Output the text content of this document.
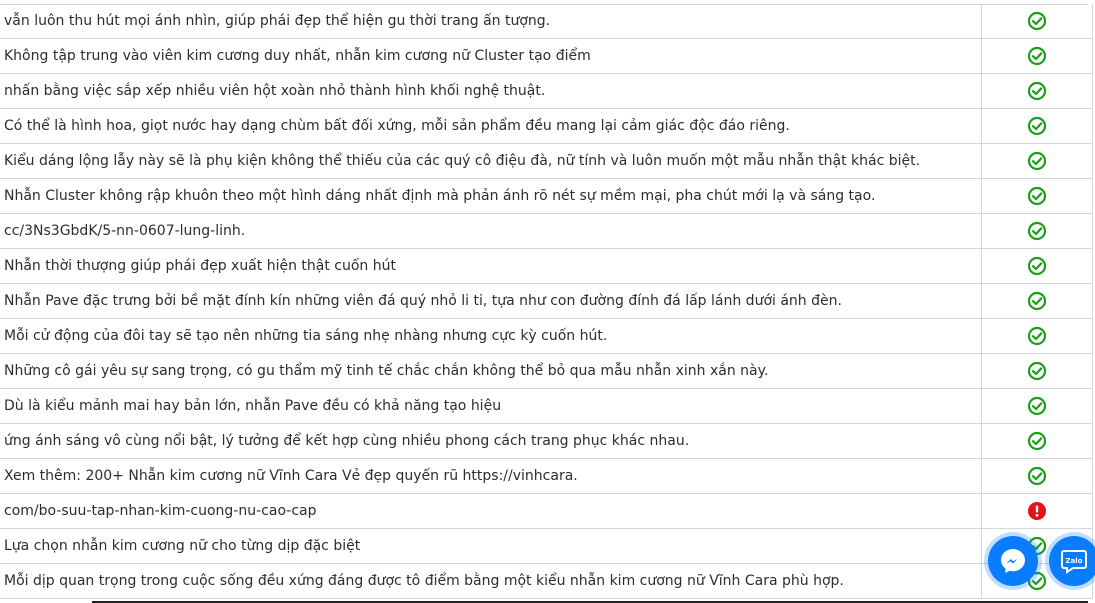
vẫn luôn thu hút mọi ánh nhìn, giúp phái đẹp thể hiện gu thời trang ấn tượng.	
Không tập trung vào viên kim cương duy nhất, nhẫn kim cương nữ Cluster tạo điểm	
nhấn bằng việc sắp xếp nhiều viên hột xoàn nhỏ thành hình khối nghệ thuật.	
Có thể là hình hoa, giọt nước hay dạng chùm bất đối xứng, mỗi sản phẩm đều mang lại cảm giác độc đáo riêng.	
Kiểu dáng lộng lẫy này sẽ là phụ kiện không thể thiếu của các quý cô điệu đà, nữ tính và luôn muốn một mẫu nhẫn thật khác biệt.	
Nhẫn Cluster không rập khuôn theo một hình dáng nhất định mà phản ánh rõ nét sự mềm mại, pha chút mới lạ và sáng tạo.	
cc/3Ns3GbdK/5-nn-0607-lung-linh.	
Nhẫn thời thượng giúp phái đẹp xuất hiện thật cuốn hút	
Nhẫn Pave đặc trưng bởi bề mặt đính kín những viên đá quý nhỏ li ti, tựa như con đường đính đá lấp lánh dưới ánh đèn.	
Mỗi cử động của đôi tay sẽ tạo nên những tia sáng nhẹ nhàng nhưng cực kỳ cuốn hút.	
Những cô gái yêu sự sang trọng, có gu thẩm mỹ tinh tế chắc chắn không thể bỏ qua mẫu nhẫn xinh xắn này.	
Dù là kiểu mảnh mai hay bản lớn, nhẫn Pave đều có khả năng tạo hiệu	
ứng ánh sáng vô cùng nổi bật, lý tưởng để kết hợp cùng nhiều phong cách trang phục khác nhau.	
Xem thêm: 200+ Nhẫn kim cương nữ Vĩnh Cara Vẻ đẹp quyến rũ https://vinhcara.	
com/bo-suu-tap-nhan-kim-cuong-nu-cao-cap	
Lựa chọn nhẫn kim cương nữ cho từng dịp đặc biệt	
Mỗi dịp quan trọng trong cuộc sống đều xứng đáng được tô điểm bằng một kiểu nhẫn kim cương nữ Vĩnh Cara phù hợp.	
Zalo
